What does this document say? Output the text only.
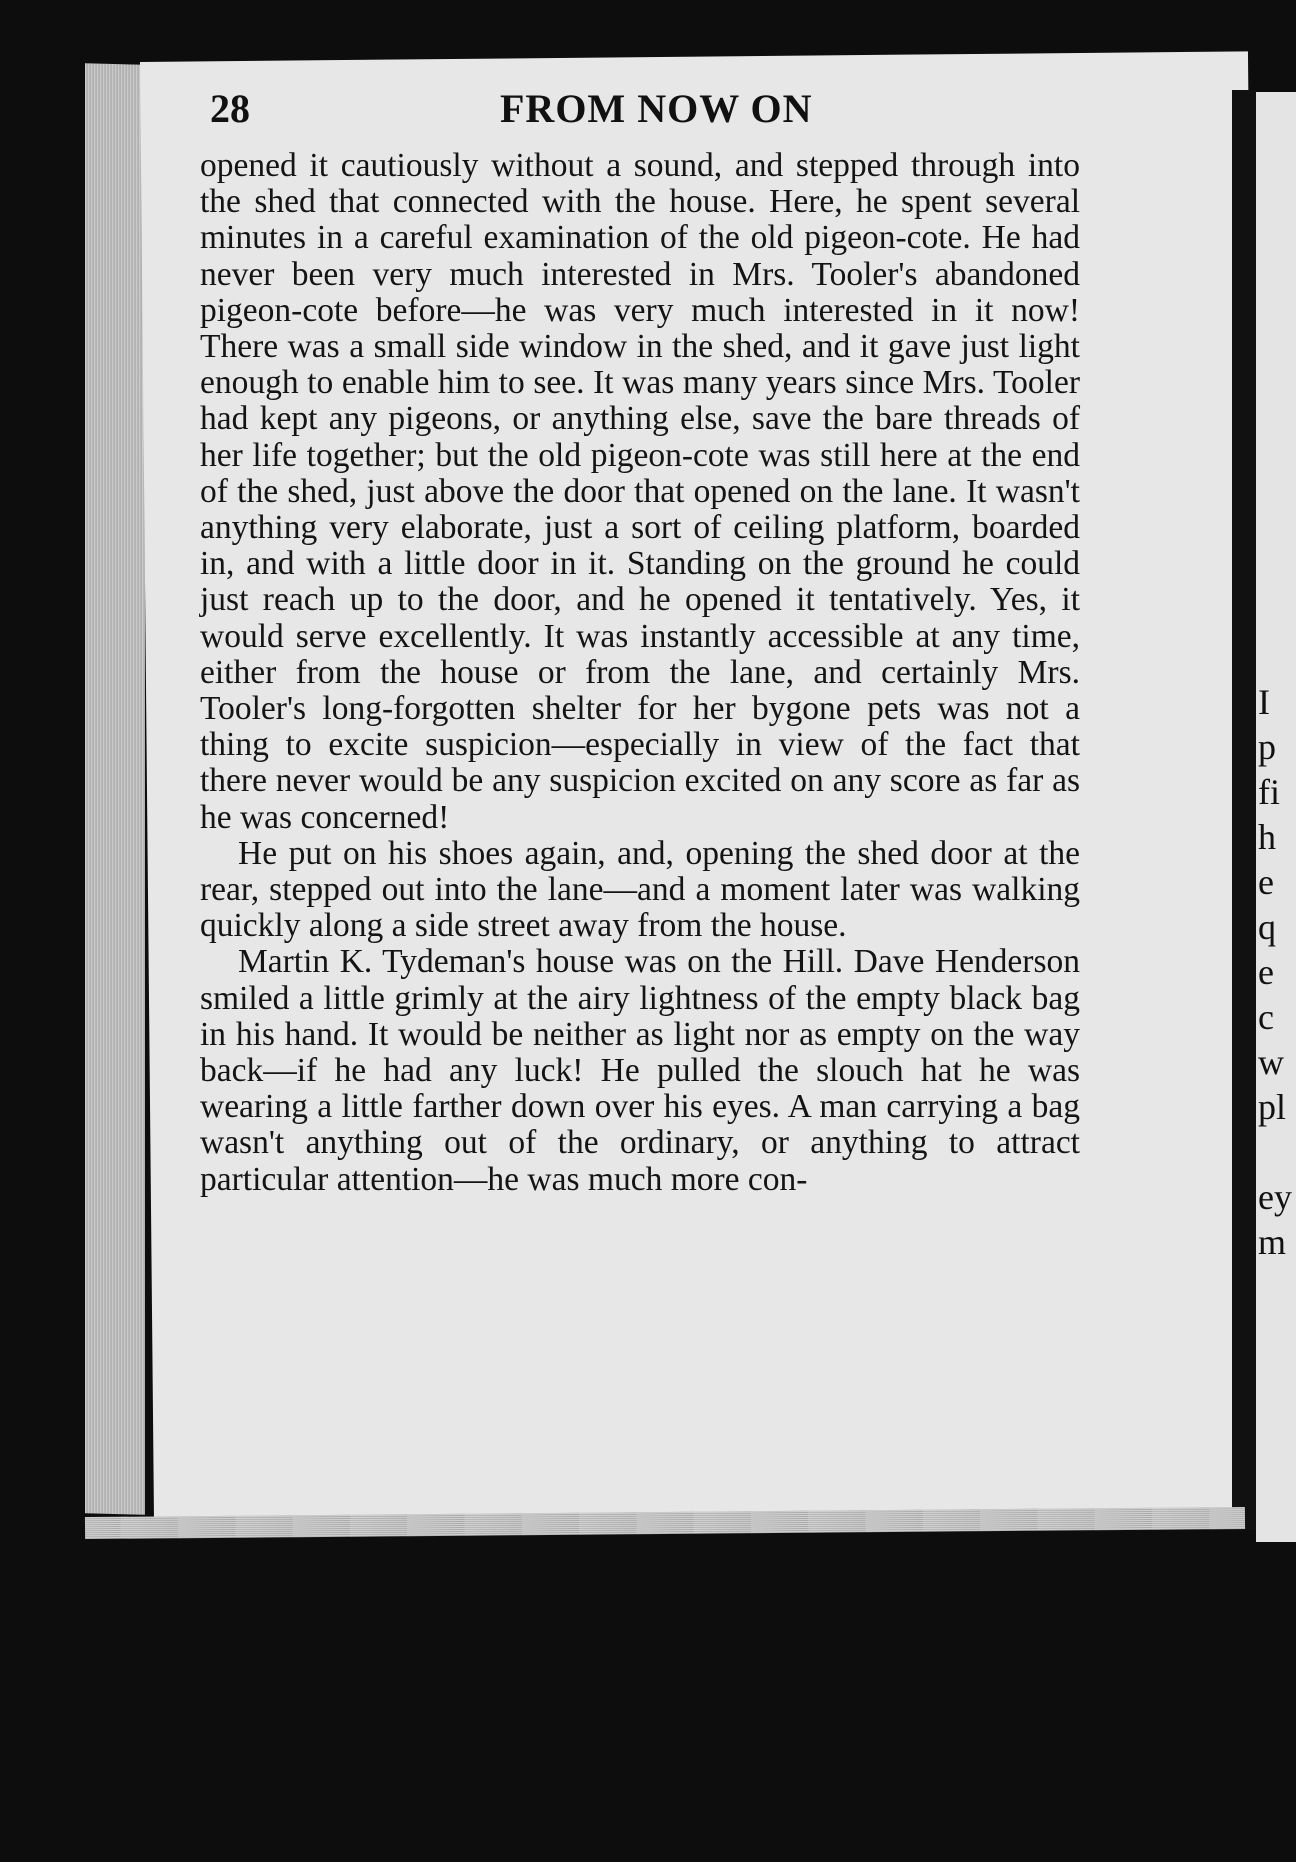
I
p
fi
h
e
q
e
c
w
pl
ey
m
28	FROM NOW ON

opened it cautiously without a sound, and stepped through into the shed that connected with the house. Here, he spent several minutes in a careful examination of the old pigeon-cote. He had never been very much interested in Mrs. Tooler's abandoned pigeon-cote before—he was very much interested in it now! There was a small side window in the shed, and it gave just light enough to enable him to see. It was many years since Mrs. Tooler had kept any pigeons, or anything else, save the bare threads of her life together; but the old pigeon-cote was still here at the end of the shed, just above the door that opened on the lane. It wasn't anything very elaborate, just a sort of ceiling platform, boarded in, and with a little door in it. Standing on the ground he could just reach up to the door, and he opened it tentatively. Yes, it would serve excellently. It was instantly accessible at any time, either from the house or from the lane, and certainly Mrs. Tooler's long-forgotten shelter for her bygone pets was not a thing to excite suspicion—especially in view of the fact that there never would be any suspicion excited on any score as far as he was concerned!

He put on his shoes again, and, opening the shed door at the rear, stepped out into the lane—and a moment later was walking quickly along a side street away from the house.

Martin K. Tydeman's house was on the Hill. Dave Henderson smiled a little grimly at the airy lightness of the empty black bag in his hand. It would be neither as light nor as empty on the way back—if he had any luck! He pulled the slouch hat he was wearing a little farther down over his eyes. A man carrying a bag wasn't anything out of the ordinary, or anything to attract particular attention—he was much more con-
